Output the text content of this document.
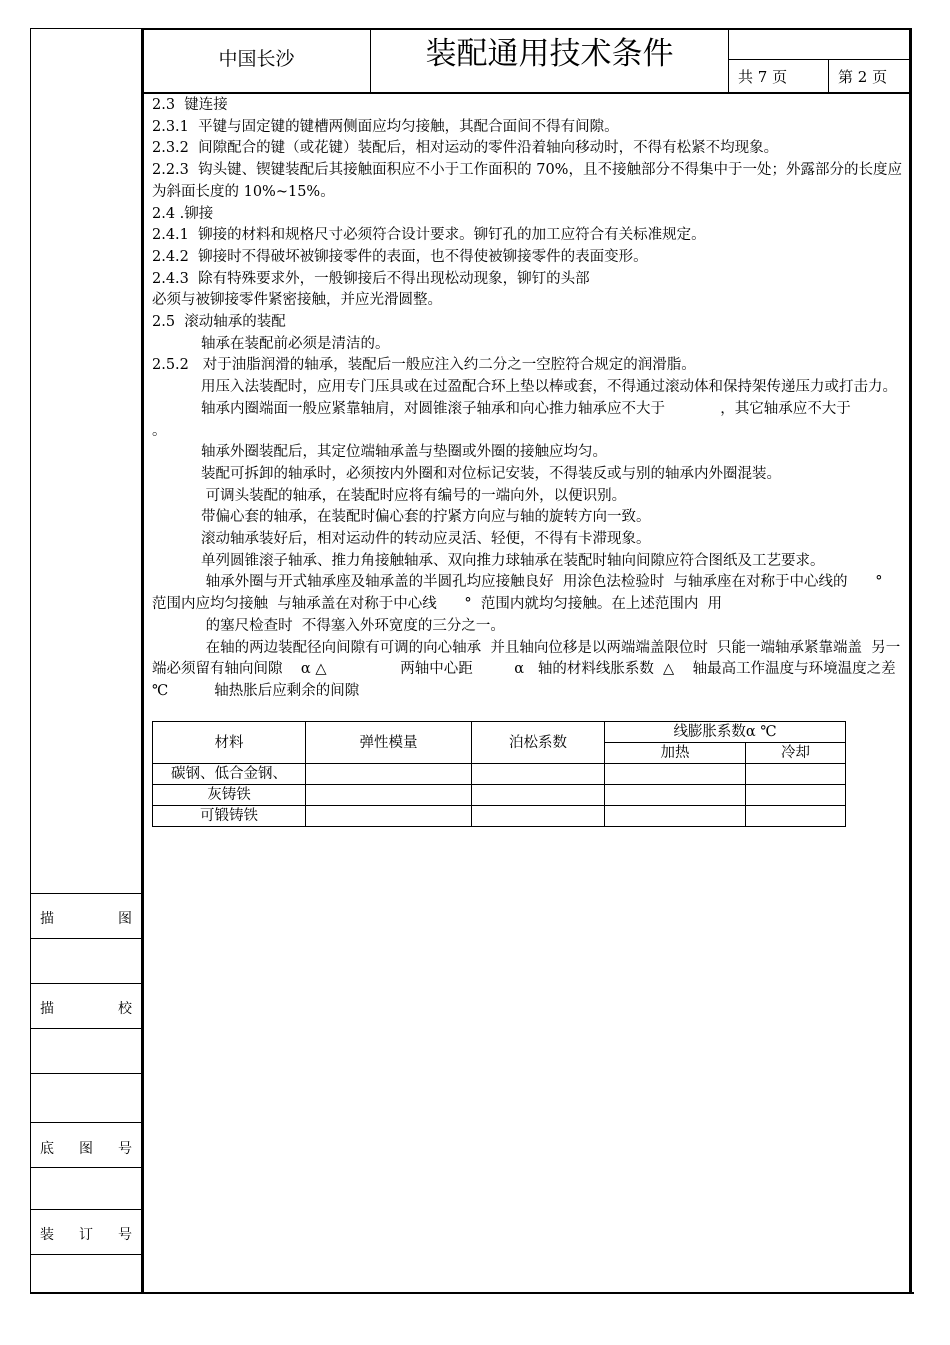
描	图
描	校
底 图 号
装 订 号
中国长沙	装配通用技术条件
共 7 页	第 2 页

2.3  键连接

2.3.1  平键与固定键的键槽两侧面应均匀接触，其配合面间不得有间隙。

2.3.2  间隙配合的键（或花键）装配后，相对运动的零件沿着轴向移动时，不得有松紧不均现象。

2.2.3  钩头键、锲键装配后其接触面积应不小于工作面积的 70%，且不接触部分不得集中于一处；外露部分的长度应为斜面长度的 10%~15%。

2.4 .铆接

2.4.1  铆接的材料和规格尺寸必须符合设计要求。铆钉孔的加工应符合有关标准规定。

2.4.2  铆接时不得破坏被铆接零件的表面，也不得使被铆接零件的表面变形。

2.4.3  除有特殊要求外，一般铆接后不得出现松动现象，铆钉的头部

必须与被铆接零件紧密接触，并应光滑圆整。

2.5  滚动轴承的装配

轴承在装配前必须是清洁的。

2.5.2   对于油脂润滑的轴承，装配后一般应注入约二分之一空腔符合规定的润滑脂。

用压入法装配时，应用专门压具或在过盈配合环上垫以棒或套，不得通过滚动体和保持架传递压力或打击力。

轴承内圈端面一般应紧靠轴肩，对圆锥滚子轴承和向心推力轴承应不大于            ，其它轴承应不大于          。

轴承外圈装配后，其定位端轴承盖与垫圈或外圈的接触应均匀。

装配可拆卸的轴承时，必须按内外圈和对位标记安装，不得装反或与别的轴承内外圈混装。

可调头装配的轴承，在装配时应将有编号的一端向外，以便识别。

带偏心套的轴承，在装配时偏心套的拧紧方向应与轴的旋转方向一致。

滚动轴承装好后，相对运动件的转动应灵活、轻便，不得有卡滞现象。

单列圆锥滚子轴承、推力角接触轴承、双向推力球轴承在装配时轴向间隙应符合图纸及工艺要求。

轴承外圈与开式轴承座及轴承盖的半圆孔均应接触良好  用涂色法检验时  与轴承座在对称于中心线的      °  范围内应均匀接触  与轴承盖在对称于中心线      °  范围内就均匀接触。在上述范围内  用

的塞尺检查时  不得塞入外环宽度的三分之一。

在轴的两边装配径向间隙有可调的向心轴承  并且轴向位移是以两端端盖限位时  只能一端轴承紧靠端盖  另一端必须留有轴向间隙    α △                两轴中心距         α   轴的材料线胀系数  △    轴最高工作温度与环境温度之差  ℃          轴热胀后应剩余的间隙

材料	弹性模量	泊松系数	线膨胀系数α ℃	
			加热	冷却
碳钢、低合金钢、				
灰铸铁				
可锻铸铁				
